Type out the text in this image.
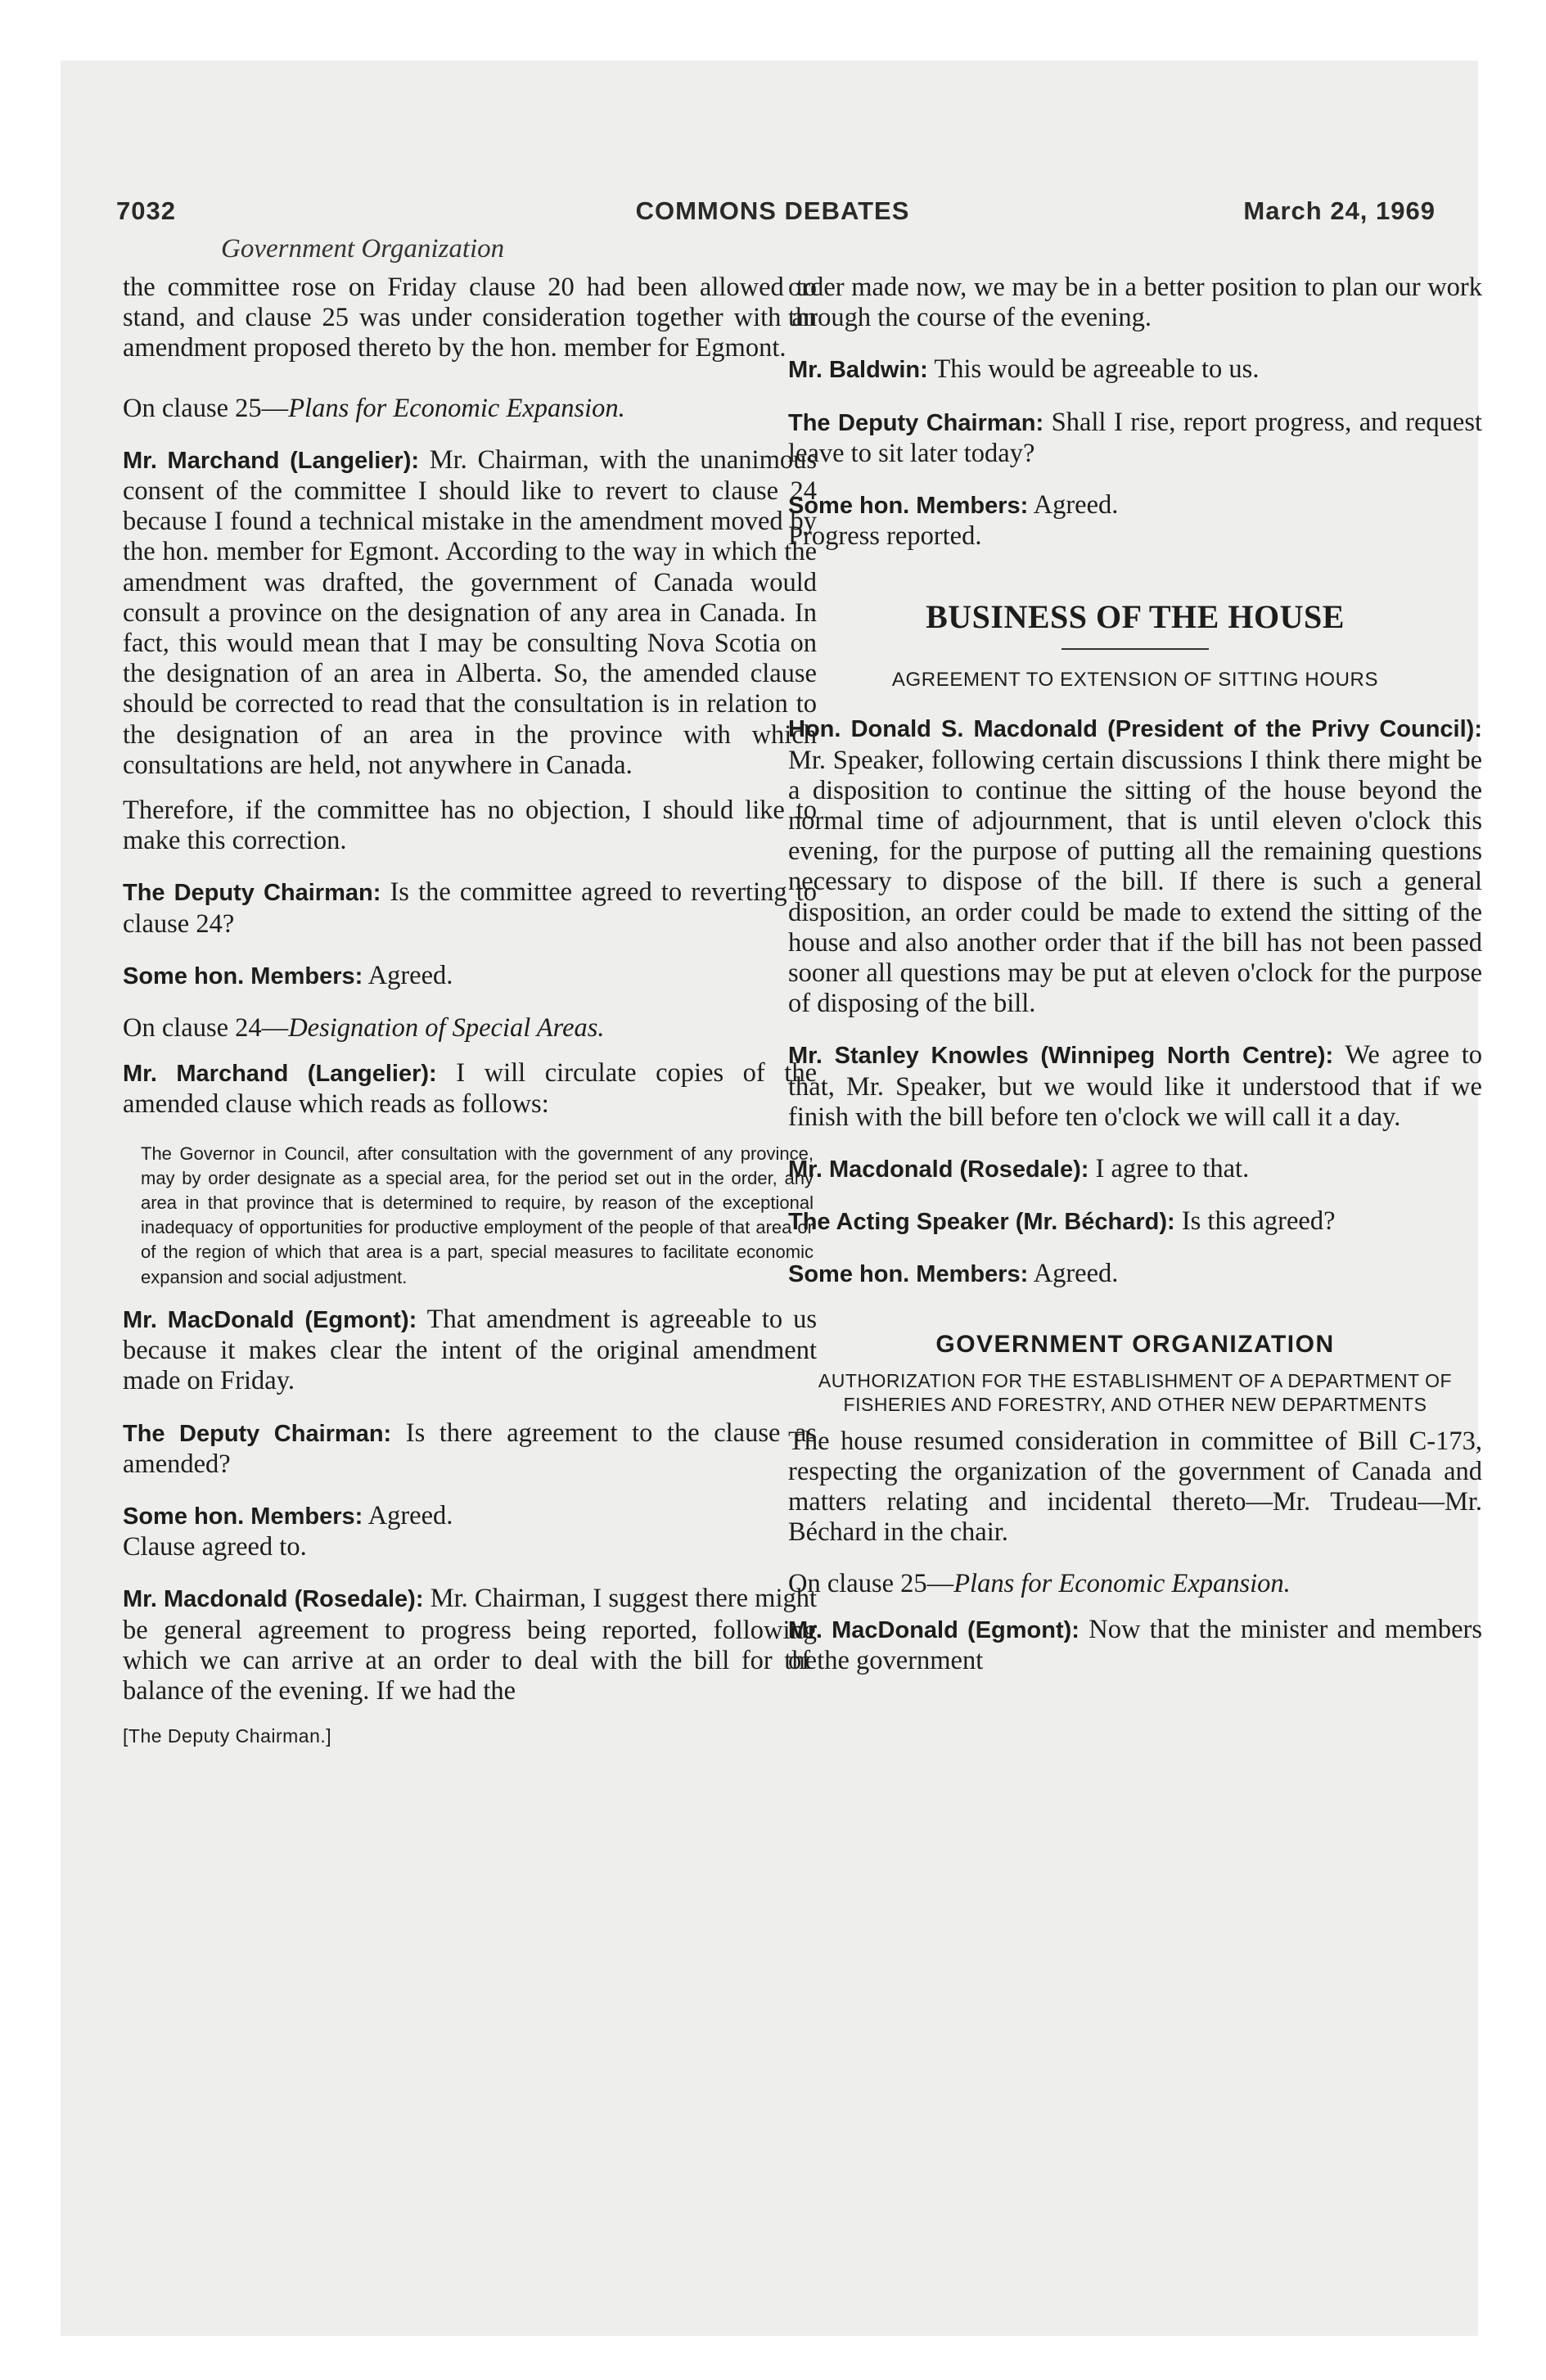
7032	COMMONS DEBATES	March 24, 1969
Government Organization

the committee rose on Friday clause 20 had been allowed to stand, and clause 25 was under consideration together with an amendment proposed thereto by the hon. member for Egmont.

On clause 25—Plans for Economic Expansion.

Mr. Marchand (Langelier): Mr. Chairman, with the unanimous consent of the committee I should like to revert to clause 24 because I found a technical mistake in the amendment moved by the hon. member for Egmont. According to the way in which the amendment was drafted, the government of Canada would consult a province on the designation of any area in Canada. In fact, this would mean that I may be consulting Nova Scotia on the designation of an area in Alberta. So, the amended clause should be corrected to read that the consultation is in relation to the designation of an area in the province with which consultations are held, not anywhere in Canada.

Therefore, if the committee has no objection, I should like to make this correction.

The Deputy Chairman: Is the committee agreed to reverting to clause 24?

Some hon. Members: Agreed.

On clause 24—Designation of Special Areas.

Mr. Marchand (Langelier): I will circulate copies of the amended clause which reads as follows:

The Governor in Council, after consultation with the government of any province, may by order designate as a special area, for the period set out in the order, any area in that province that is determined to require, by reason of the exceptional inadequacy of opportunities for productive employment of the people of that area or of the region of which that area is a part, special measures to facilitate economic expansion and social adjustment.

Mr. MacDonald (Egmont): That amendment is agreeable to us because it makes clear the intent of the original amendment made on Friday.

The Deputy Chairman: Is there agreement to the clause as amended?

Some hon. Members: Agreed.

Clause agreed to.

Mr. Macdonald (Rosedale): Mr. Chairman, I suggest there might be general agreement to progress being reported, following which we can arrive at an order to deal with the bill for the balance of the evening. If we had the

[The Deputy Chairman.]

order made now, we may be in a better position to plan our work through the course of the evening.

Mr. Baldwin: This would be agreeable to us.

The Deputy Chairman: Shall I rise, report progress, and request leave to sit later today?

Some hon. Members: Agreed.

Progress reported.

BUSINESS OF THE HOUSE
AGREEMENT TO EXTENSION OF SITTING HOURS

Hon. Donald S. Macdonald (President of the Privy Council): Mr. Speaker, following certain discussions I think there might be a disposition to continue the sitting of the house beyond the normal time of adjournment, that is until eleven o'clock this evening, for the purpose of putting all the remaining questions necessary to dispose of the bill. If there is such a general disposition, an order could be made to extend the sitting of the house and also another order that if the bill has not been passed sooner all questions may be put at eleven o'clock for the purpose of disposing of the bill.

Mr. Stanley Knowles (Winnipeg North Centre): We agree to that, Mr. Speaker, but we would like it understood that if we finish with the bill before ten o'clock we will call it a day.

Mr. Macdonald (Rosedale): I agree to that.

The Acting Speaker (Mr. Béchard): Is this agreed?

Some hon. Members: Agreed.

GOVERNMENT ORGANIZATION
AUTHORIZATION FOR THE ESTABLISHMENT OF A DEPARTMENT OF FISHERIES AND FORESTRY, AND OTHER NEW DEPARTMENTS

The house resumed consideration in committee of Bill C-173, respecting the organization of the government of Canada and matters relating and incidental thereto—Mr. Trudeau—Mr. Béchard in the chair.

On clause 25—Plans for Economic Expansion.

Mr. MacDonald (Egmont): Now that the minister and members of the government
